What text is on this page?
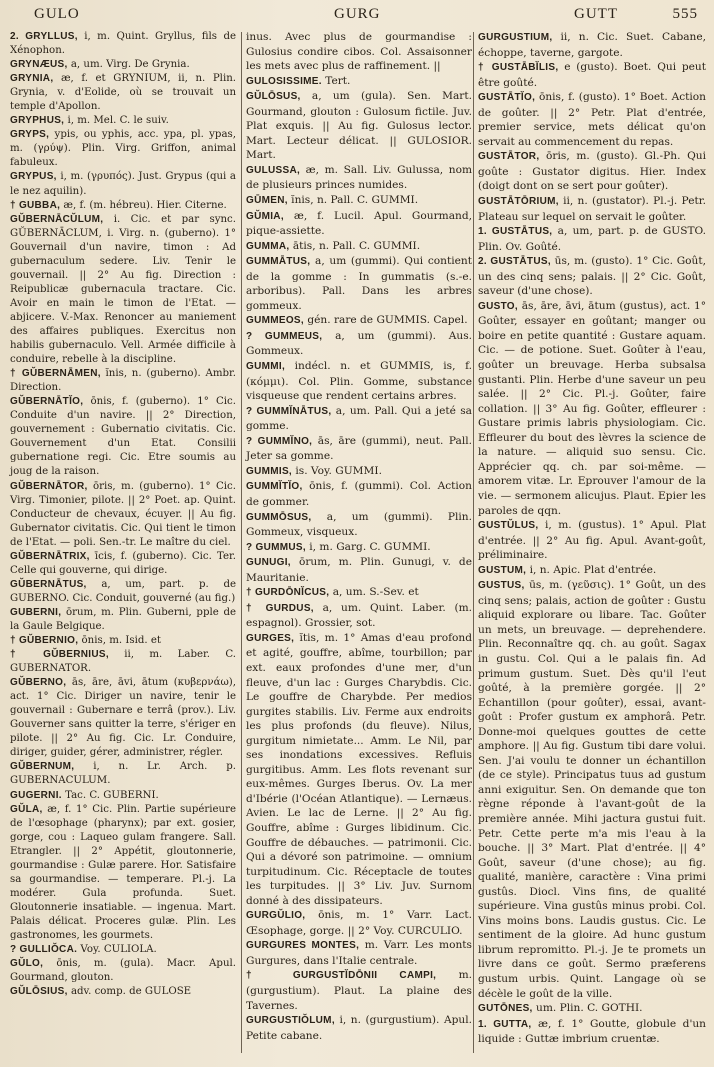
GULO	GURG	GUTT	555

2. GRYLLUS, i, m. Quint. Gryllus, fils de Xénophon.

GRYNÆUS, a, um. Virg. De Grynia.

GRYNIA, æ, f. et GRYNIUM, ii, n. Plin. Grynia, v. d'Eolide, où se trouvait un temple d'Apollon.

GRYPHUS, i, m. Mel. C. le suiv.

GRYPS, ypis, ou yphis, acc. ypa, pl. ypas, m. (γρύψ). Plin. Virg. Griffon, animal fabuleux.

GRYPUS, i, m. (γρυπός). Just. Grypus (qui a le nez aquilin).

† GUBBA, æ, f. (m. hébreu). Hier. Citerne.

GŬBERNĀCŬLUM, i. Cic. et par sync. GŬBERNĀCLUM, i. Virg. n. (guberno). 1° Gouvernail d'un navire, timon : Ad gubernaculum sedere. Liv. Tenir le gouvernail. || 2° Au fig. Direction : Reipublicæ gubernacula tractare. Cic. Avoir en main le timon de l'Etat. — abjicere. V.-Max. Renoncer au maniement des affaires publiques. Exercitus non habilis gubernaculo. Vell. Armée difficile à conduire, rebelle à la discipline.

† GŬBERNĀMEN, ĭnis, n. (guberno). Ambr. Direction.

GŬBERNĀTĬO, ōnis, f. (guberno). 1° Cic. Conduite d'un navire. || 2° Direction, gouvernement : Gubernatio civitatis. Cic. Gouvernement d'un Etat. Consilii gubernatione regi. Cic. Etre soumis au joug de la raison.

GŬBERNĀTOR, ōris, m. (guberno). 1° Cic. Virg. Timonier, pilote. || 2° Poet. ap. Quint. Conducteur de chevaux, écuyer. || Au fig. Gubernator civitatis. Cic. Qui tient le timon de l'Etat. — poli. Sen.-tr. Le maître du ciel.

GŬBERNĀTRIX, īcis, f. (guberno). Cic. Ter. Celle qui gouverne, qui dirige.

GŬBERNĀTUS, a, um, part. p. de GUBERNO. Cic. Conduit, gouverné (au fig.)

GUBERNI, ōrum, m. Plin. Guberni, pple de la Gaule Belgique.

† GŬBERNIO, ōnis, m. Isid. et

† GŬBERNIUS, ii, m. Laber. C. GUBERNATOR.

GŬBERNO, ās, āre, āvi, ātum (κυβερνάω), act. 1° Cic. Diriger un navire, tenir le gouvernail : Gubernare e terrâ (prov.). Liv. Gouverner sans quitter la terre, s'ériger en pilote. || 2° Au fig. Cic. Lr. Conduire, diriger, guider, gérer, administrer, régler.

GŬBERNUM, i, n. Lr. Arch. p. GUBERNACULUM.

GUGERNI. Tac. C. GUBERNI.

GŬLA, æ, f. 1° Cic. Plin. Partie supérieure de l'œsophage (pharynx); par ext. gosier, gorge, cou : Laqueo gulam frangere. Sall. Etrangler. || 2° Appétit, gloutonnerie, gourmandise : Gulæ parere. Hor. Satisfaire sa gourmandise. — temperare. Pl.-j. La modérer. Gula profunda. Suet. Gloutonnerie insatiable. — ingenua. Mart. Palais délicat. Proceres gulæ. Plin. Les gastronomes, les gourmets.

? GULLIŎCA. Voy. CULIOLA.

GŬLO, ōnis, m. (gula). Macr. Apul. Gourmand, glouton.

GŬLŌSIUS, adv. comp. de GULOSE

inus. Avec plus de gourmandise : Gulosius condire cibos. Col. Assaisonner les mets avec plus de raffinement. ||

GULOSISSIME. Tert.

GŬLŌSUS, a, um (gula). Sen. Mart. Gourmand, glouton : Gulosum fictile. Juv. Plat exquis. || Au fig. Gulosus lector. Mart. Lecteur délicat. || GULOSIOR. Mart.

GULUSSA, æ, m. Sall. Liv. Gulussa, nom de plusieurs princes numides.

GŪMEN, ĭnis, n. Pall. C. GUMMI.

GŬMIA, æ, f. Lucil. Apul. Gourmand, pique-assiette.

GUMMA, ātis, n. Pall. C. GUMMI.

GUMMĀTUS, a, um (gummi). Qui contient de la gomme : In gummatis (s.-e. arboribus). Pall. Dans les arbres gommeux.

GUMMEOS, gén. rare de GUMMIS. Capel.

? GUMMEUS, a, um (gummi). Aus. Gommeux.

GUMMI, indécl. n. et GUMMIS, is, f. (κόμμι). Col. Plin. Gomme, substance visqueuse que rendent certains arbres.

? GUMMĬNĀTUS, a, um. Pall. Qui a jeté sa gomme.

? GUMMĬNO, ās, āre (gummi), neut. Pall. Jeter sa gomme.

GUMMIS, is. Voy. GUMMI.

GUMMĬTĬO, ōnis, f. (gummi). Col. Action de gommer.

GUMMŌSUS, a, um (gummi). Plin. Gommeux, visqueux.

? GUMMUS, i, m. Garg. C. GUMMI.

GUNUGI, ōrum, m. Plin. Gunugi, v. de Mauritanie.

† GURDŌNĬCUS, a, um. S.-Sev. et

† GURDUS, a, um. Quint. Laber. (m. espagnol). Grossier, sot.

GURGES, ĭtis, m. 1° Amas d'eau profond et agité, gouffre, abîme, tourbillon; par ext. eaux profondes d'une mer, d'un fleuve, d'un lac : Gurges Charybdis. Cic. Le gouffre de Charybde. Per medios gurgites stabilis. Liv. Ferme aux endroits les plus profonds (du fleuve). Nilus, gurgitum nimietate... Amm. Le Nil, par ses inondations excessives. Refluis gurgitibus. Amm. Les flots revenant sur eux-mêmes. Gurges Iberus. Ov. La mer d'Ibérie (l'Océan Atlantique). — Lernæus. Avien. Le lac de Lerne. || 2° Au fig. Gouffre, abîme : Gurges libidinum. Cic. Gouffre de débauches. — patrimonii. Cic. Qui a dévoré son patrimoine. — omnium turpitudinum. Cic. Réceptacle de toutes les turpitudes. || 3° Liv. Juv. Surnom donné à des dissipateurs.

GURGŬLIO, ōnis, m. 1° Varr. Lact. Œsophage, gorge. || 2° Voy. CURCULIO.

GURGURES MONTES, m. Varr. Les monts Gurgures, dans l'Italie centrale.

† GURGUSTĬDŌNII CAMPI, m. (gurgustium). Plaut. La plaine des Tavernes.

GURGUSTIŎLUM, i, n. (gurgustium). Apul. Petite cabane.

GURGUSTIUM, ii, n. Cic. Suet. Cabane, échoppe, taverne, gargote.

† GUSTĀBĬLIS, e (gusto). Boet. Qui peut être goûté.

GUSTĀTĬO, ōnis, f. (gusto). 1° Boet. Action de goûter. || 2° Petr. Plat d'entrée, premier service, mets délicat qu'on servait au commencement du repas.

GUSTĀTOR, ōris, m. (gusto). Gl.-Ph. Qui goûte : Gustator digitus. Hier. Index (doigt dont on se sert pour goûter).

GUSTĀTŌRIUM, ii, n. (gustator). Pl.-j. Petr. Plateau sur lequel on servait le goûter.

1. GUSTĀTUS, a, um, part. p. de GUSTO. Plin. Ov. Goûté.

2. GUSTĀTUS, ūs, m. (gusto). 1° Cic. Goût, un des cinq sens; palais. || 2° Cic. Goût, saveur (d'une chose).

GUSTO, ās, āre, āvi, ātum (gustus), act. 1° Goûter, essayer en goûtant; manger ou boire en petite quantité : Gustare aquam. Cic. — de potione. Suet. Goûter à l'eau, goûter un breuvage. Herba subsalsa gustanti. Plin. Herbe d'une saveur un peu salée. || 2° Cic. Pl.-j. Goûter, faire collation. || 3° Au fig. Goûter, effleurer : Gustare primis labris physiologiam. Cic. Effleurer du bout des lèvres la science de la nature. — aliquid suo sensu. Cic. Apprécier qq. ch. par soi-même. — amorem vitæ. Lr. Eprouver l'amour de la vie. — sermonem alicujus. Plaut. Epier les paroles de qqn.

GUSTŬLUS, i, m. (gustus). 1° Apul. Plat d'entrée. || 2° Au fig. Apul. Avant-goût, préliminaire.

GUSTUM, i, n. Apic. Plat d'entrée.

GUSTUS, ūs, m. (γεῦσις). 1° Goût, un des cinq sens; palais, action de goûter : Gustu aliquid explorare ou libare. Tac. Goûter un mets, un breuvage. — deprehendere. Plin. Reconnaître qq. ch. au goût. Sagax in gustu. Col. Qui a le palais fin. Ad primum gustum. Suet. Dès qu'il l'eut goûté, à la première gorgée. || 2° Echantillon (pour goûter), essai, avant-goût : Profer gustum ex amphorâ. Petr. Donne-moi quelques gouttes de cette amphore. || Au fig. Gustum tibi dare volui. Sen. J'ai voulu te donner un échantillon (de ce style). Principatus tuus ad gustum anni exiguitur. Sen. On demande que ton règne réponde à l'avant-goût de la première année. Mihi jactura gustui fuit. Petr. Cette perte m'a mis l'eau à la bouche. || 3° Mart. Plat d'entrée. || 4° Goût, saveur (d'une chose); au fig. qualité, manière, caractère : Vina primi gustûs. Diocl. Vins fins, de qualité supérieure. Vina gustûs minus probi. Col. Vins moins bons. Laudis gustus. Cic. Le sentiment de la gloire. Ad hunc gustum librum repromitto. Pl.-j. Je te promets un livre dans ce goût. Sermo præferens gustum urbis. Quint. Langage où se décèle le goût de la ville.

GUTŌNES, um. Plin. C. GOTHI.

1. GUTTA, æ, f. 1° Goutte, globule d'un liquide : Guttæ imbrium cruentæ.
